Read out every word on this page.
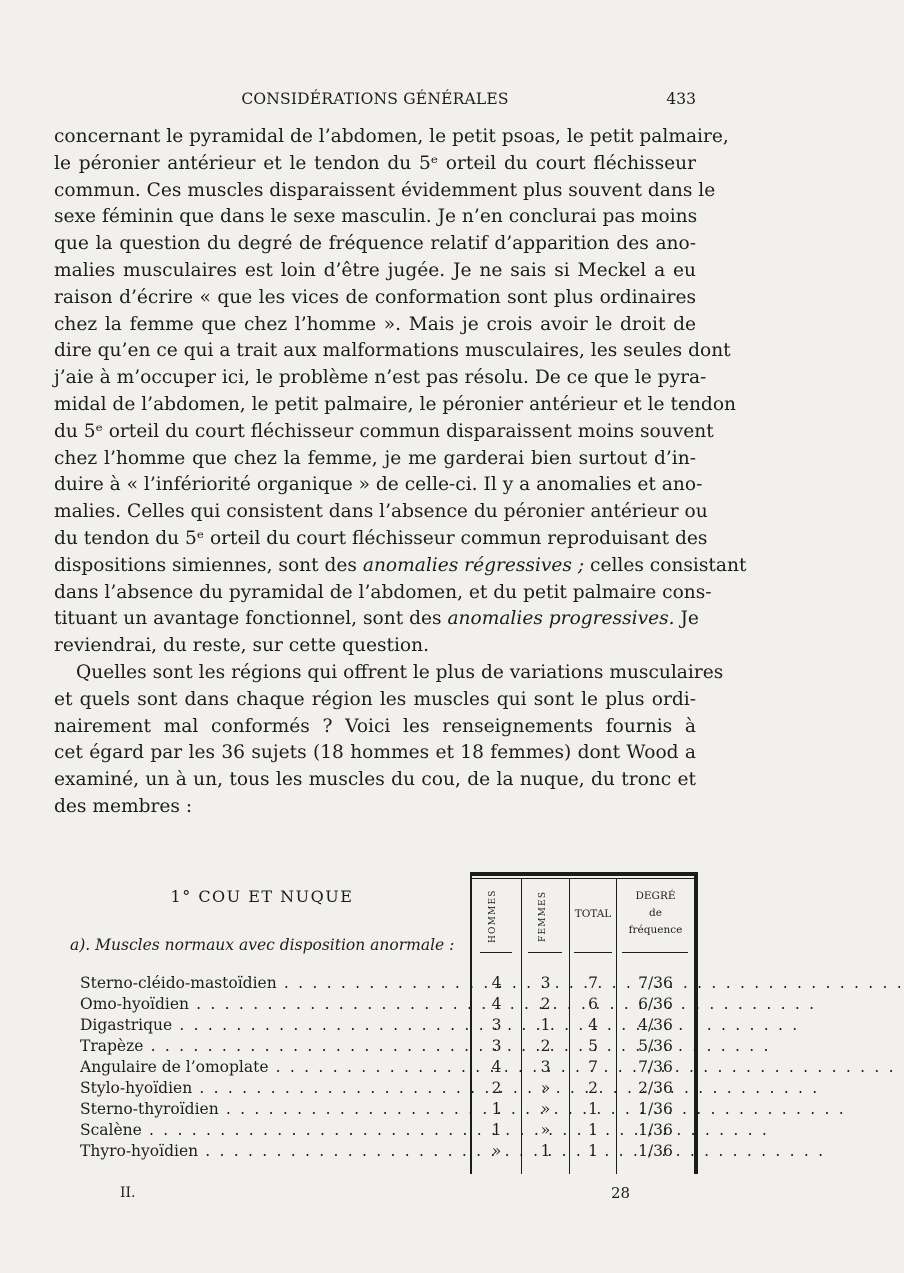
CONSIDÉRATIONS GÉNÉRALES	433
concernant le pyramidal de l’abdomen, le petit psoas, le petit palmaire,
le péronier antérieur et le tendon du 5ᵉ orteil du court fléchisseur
commun. Ces muscles disparaissent évidemment plus souvent dans le
sexe féminin que dans le sexe masculin. Je n’en conclurai pas moins
que la question du degré de fréquence relatif d’apparition des ano-
malies musculaires est loin d’être jugée. Je ne sais si Meckel a eu
raison d’écrire « que les vices de conformation sont plus ordinaires
chez la femme que chez l’homme ». Mais je crois avoir le droit de
dire qu’en ce qui a trait aux malformations musculaires, les seules dont
j’aie à m’occuper ici, le problème n’est pas résolu. De ce que le pyra-
midal de l’abdomen, le petit palmaire, le péronier antérieur et le tendon
du 5ᵉ orteil du court fléchisseur commun disparaissent moins souvent
chez l’homme que chez la femme, je me garderai bien surtout d’in-
duire à « l’infériorité organique » de celle-ci. Il y a anomalies et ano-
malies. Celles qui consistent dans l’absence du péronier antérieur ou
du tendon du 5ᵉ orteil du court fléchisseur commun reproduisant des
dispositions simiennes, sont des anomalies régressives ; celles consistant
dans l’absence du pyramidal de l’abdomen, et du petit palmaire cons-
tituant un avantage fonctionnel, sont des anomalies progressives. Je
reviendrai, du reste, sur cette question.
Quelles sont les régions qui offrent le plus de variations musculaires
et quels sont dans chaque région les muscles qui sont le plus ordi-
nairement mal conformés ? Voici les renseignements fournis à
cet égard par les 36 sujets (18 hommes et 18 femmes) dont Wood a
examiné, un à un, tous les muscles du cou, de la nuque, du tronc et
des membres :
1° COU ET NUQUE
a). Muscles normaux avec disposition anormale :
HOMMES	FEMMES	TOTAL
DEGRÉ
de
fréquence
Sterno-cléido-mastoïdien . . .	4	3	7	7/36
Omo-hyoïdien . . .	4	2	6	6/36
Digastrique . . .	3	1	4	4/36
Trapèze . . .	3	2	5	5/36
Angulaire de l’omoplate . . .	4	3	7	7/36
Stylo-hyoïdien . . .	2	»	2	2/36
Sterno-thyroïdien . . .	1	»	1	1/36
Scalène . . .	1	»	1	1/36
Thyro-hyoïdien . . .	»	1	1	1/36
II.	28
